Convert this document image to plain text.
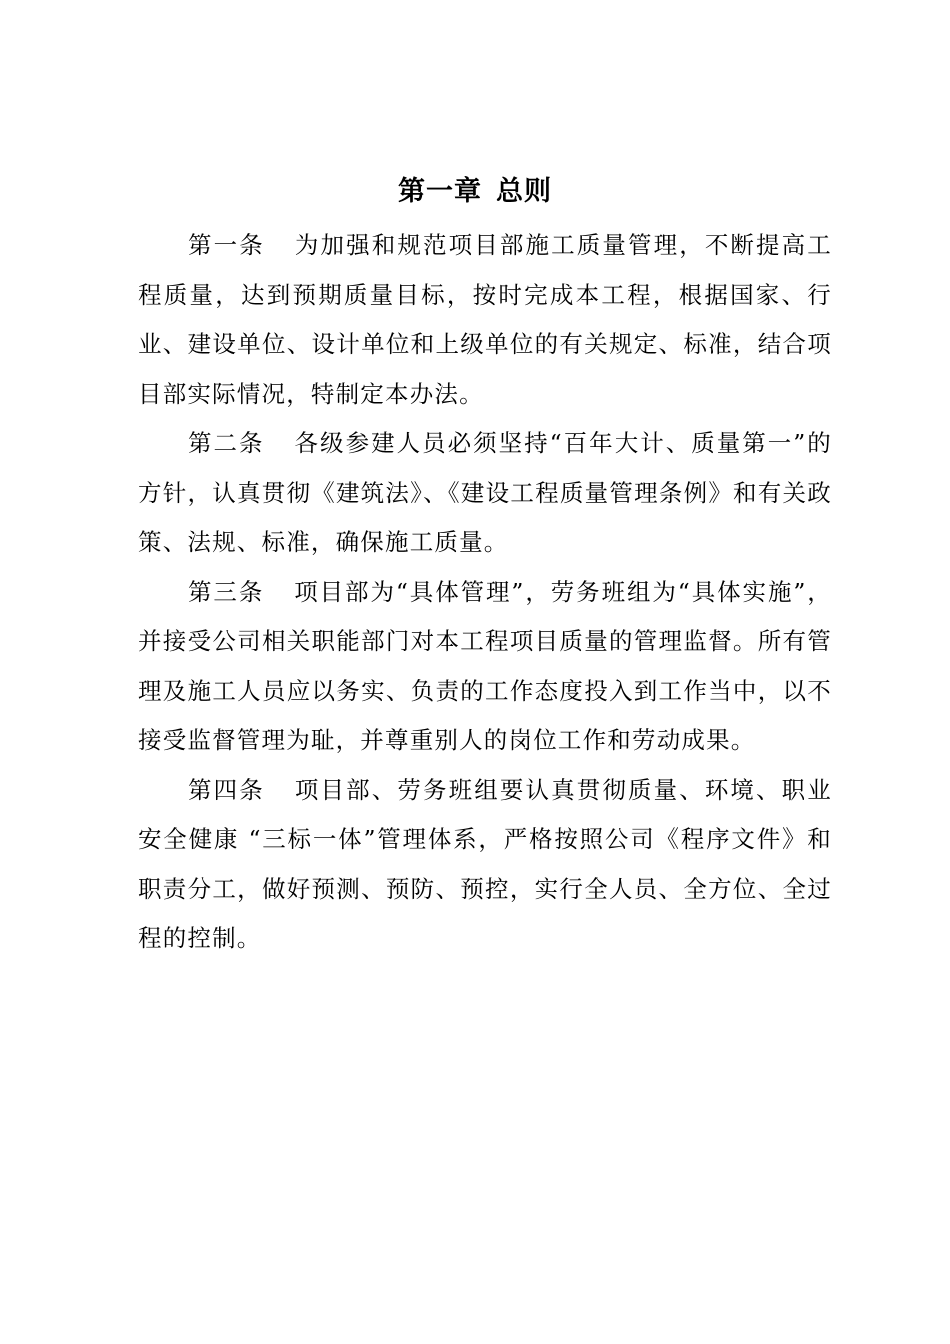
第一章 总则

第一条 为加强和规范项目部施工质量管理，不断提高工程质量，达到预期质量目标，按时完成本工程，根据国家、行业、建设单位、设计单位和上级单位的有关规定、标准，结合项目部实际情况，特制定本办法。

第二条 各级参建人员必须坚持“百年大计、质量第一”的方针，认真贯彻《建筑法》、《建设工程质量管理条例》和有关政策、法规、标准，确保施工质量。

第三条 项目部为“具体管理”，劳务班组为“具体实施”，并接受公司相关职能部门对本工程项目质量的管理监督。所有管理及施工人员应以务实、负责的工作态度投入到工作当中，以不接受监督管理为耻，并尊重别人的岗位工作和劳动成果。

第四条 项目部、劳务班组要认真贯彻质量、环境、职业安全健康 “三标一体”管理体系，严格按照公司《程序文件》和职责分工，做好预测、预防、预控，实行全人员、全方位、全过程的控制。
